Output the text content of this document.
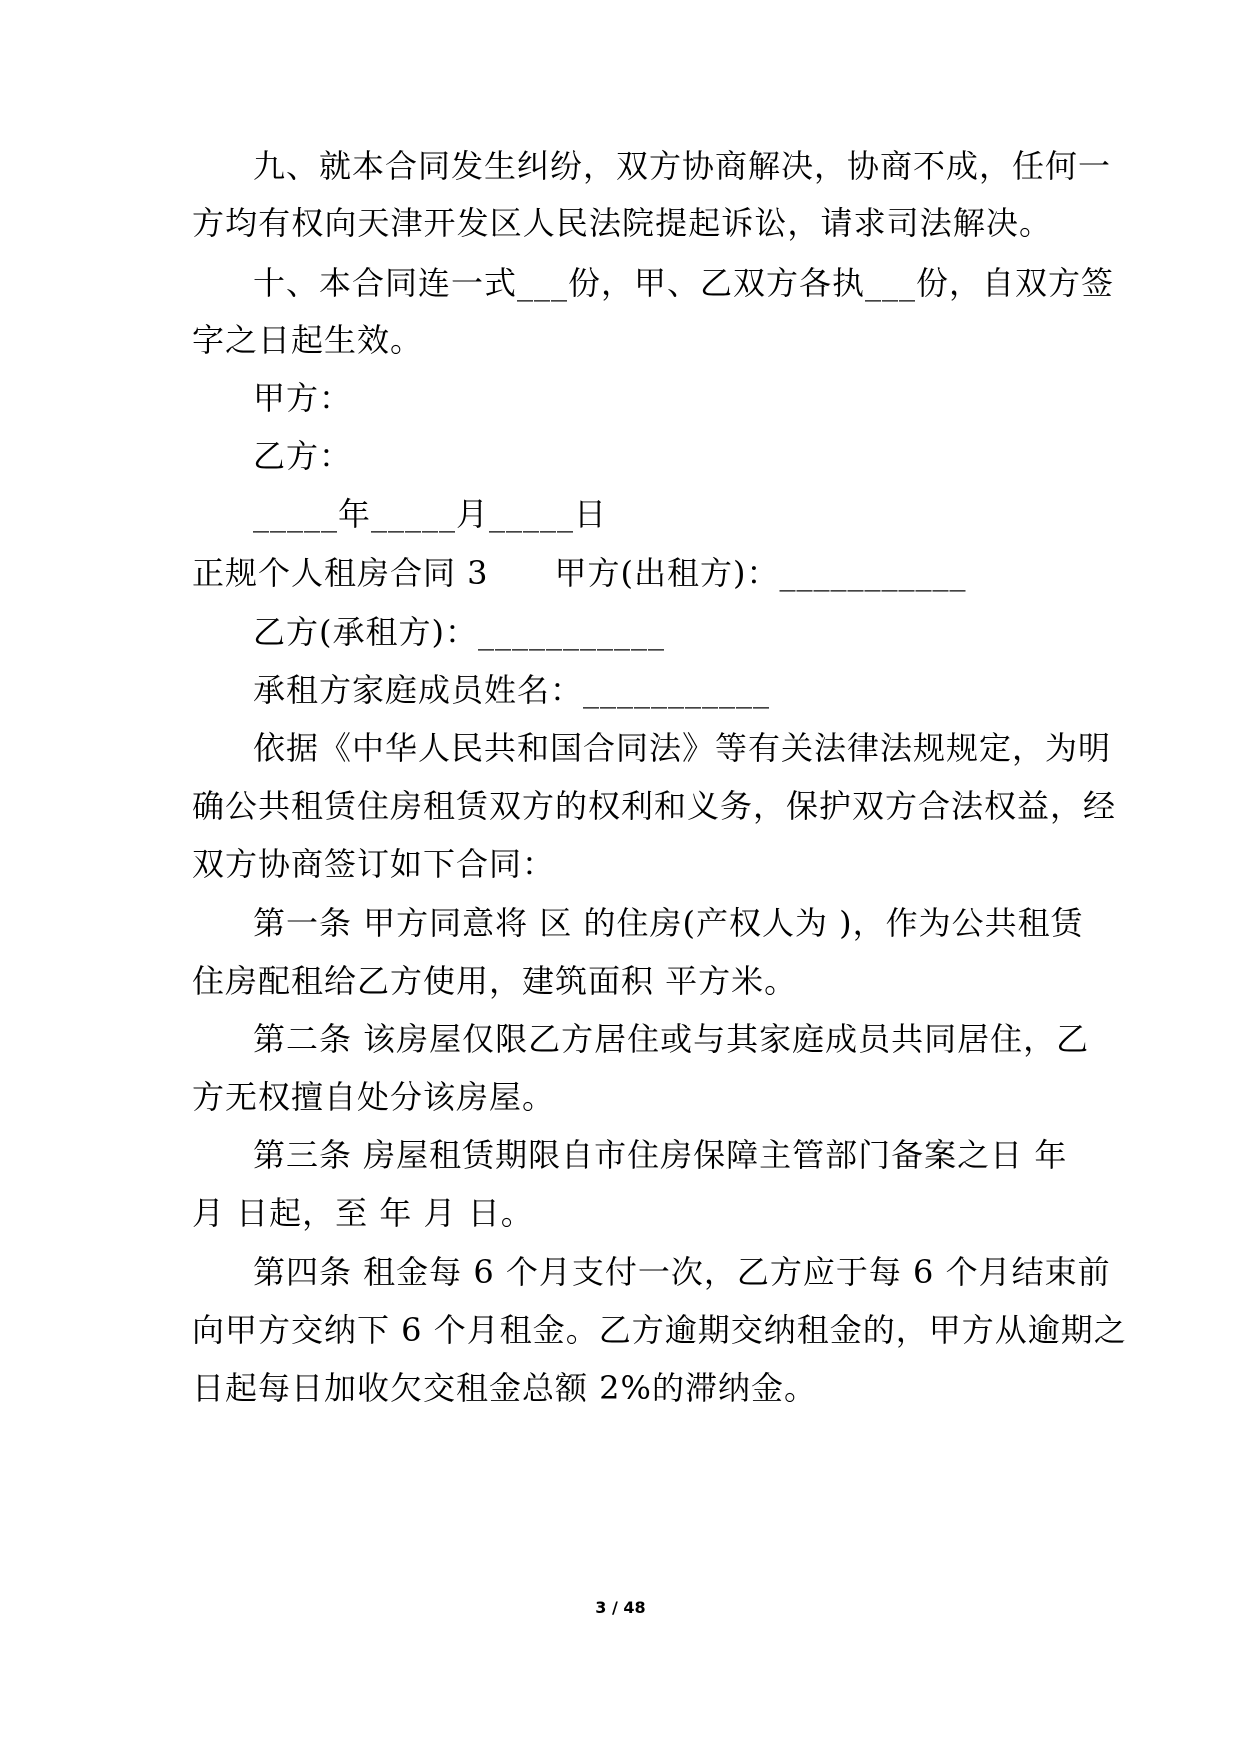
九、就本合同发生纠纷，双方协商解决，协商不成，任何一
方均有权向天津开发区人民法院提起诉讼，请求司法解决。
十、本合同连一式___份，甲、乙双方各执___份，自双方签
字之日起生效。
甲方：
乙方：
_____年_____月_____日
正规个人租房合同 3　　甲方(出租方)：___________
乙方(承租方)：___________
承租方家庭成员姓名：___________
依据《中华人民共和国合同法》等有关法律法规规定，为明
确公共租赁住房租赁双方的权利和义务，保护双方合法权益，经
双方协商签订如下合同：
第一条 甲方同意将 区 的住房(产权人为 )，作为公共租赁
住房配租给乙方使用，建筑面积 平方米。
第二条 该房屋仅限乙方居住或与其家庭成员共同居住，乙
方无权擅自处分该房屋。
第三条 房屋租赁期限自市住房保障主管部门备案之日 年
月 日起，至 年 月 日。
第四条 租金每 6 个月支付一次，乙方应于每 6 个月结束前
向甲方交纳下 6 个月租金。乙方逾期交纳租金的，甲方从逾期之
日起每日加收欠交租金总额 2%的滞纳金。
3 / 48
